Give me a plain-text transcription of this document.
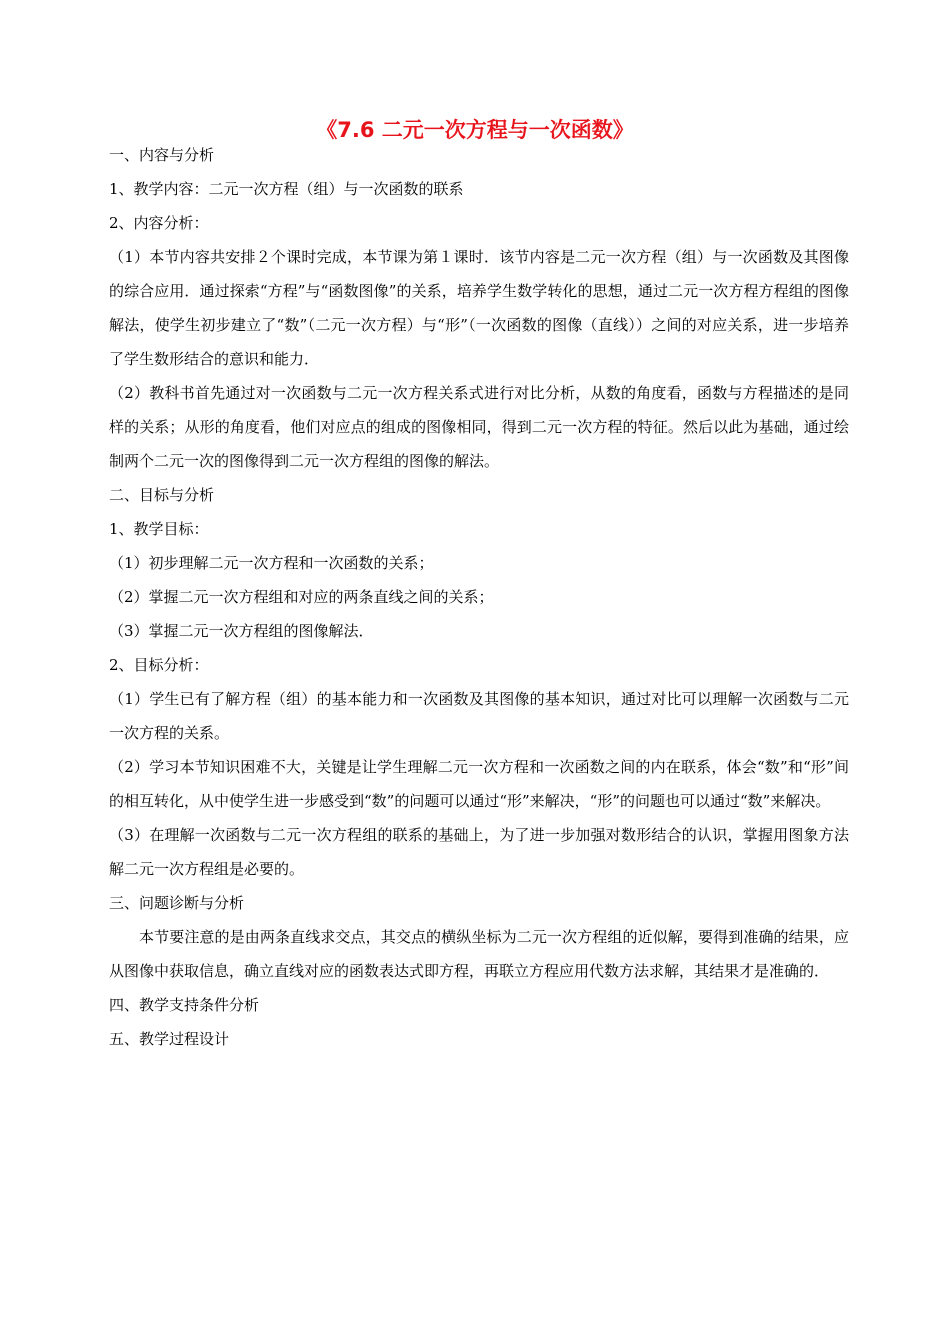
《7.6 二元一次方程与一次函数》

一、内容与分析

1、教学内容：二元一次方程（组）与一次函数的联系

2、内容分析：

（1）本节内容共安排２个课时完成，本节课为第１课时．该节内容是二元一次方程（组）与一次函数及其图像的综合应用．通过探索“方程”与“函数图像”的关系，培养学生数学转化的思想，通过二元一次方程方程组的图像解法，使学生初步建立了“数”（二元一次方程）与“形”（一次函数的图像（直线））之间的对应关系，进一步培养了学生数形结合的意识和能力．

（2）教科书首先通过对一次函数与二元一次方程关系式进行对比分析，从数的角度看，函数与方程描述的是同样的关系；从形的角度看，他们对应点的组成的图像相同，得到二元一次方程的特征。然后以此为基础，通过绘制两个二元一次的图像得到二元一次方程组的图像的解法。

二、目标与分析

1、教学目标：

（1）初步理解二元一次方程和一次函数的关系；

（2）掌握二元一次方程组和对应的两条直线之间的关系；

（3）掌握二元一次方程组的图像解法．

2、目标分析：

（1）学生已有了解方程（组）的基本能力和一次函数及其图像的基本知识，通过对比可以理解一次函数与二元一次方程的关系。

（2）学习本节知识困难不大，关键是让学生理解二元一次方程和一次函数之间的内在联系，体会“数”和“形”间的相互转化，从中使学生进一步感受到“数”的问题可以通过“形”来解决，“形”的问题也可以通过“数”来解决。

（3）在理解一次函数与二元一次方程组的联系的基础上，为了进一步加强对数形结合的认识，掌握用图象方法解二元一次方程组是必要的。

三、问题诊断与分析

本节要注意的是由两条直线求交点，其交点的横纵坐标为二元一次方程组的近似解，要得到准确的结果，应从图像中获取信息，确立直线对应的函数表达式即方程，再联立方程应用代数方法求解，其结果才是准确的．

四、教学支持条件分析

五、教学过程设计
